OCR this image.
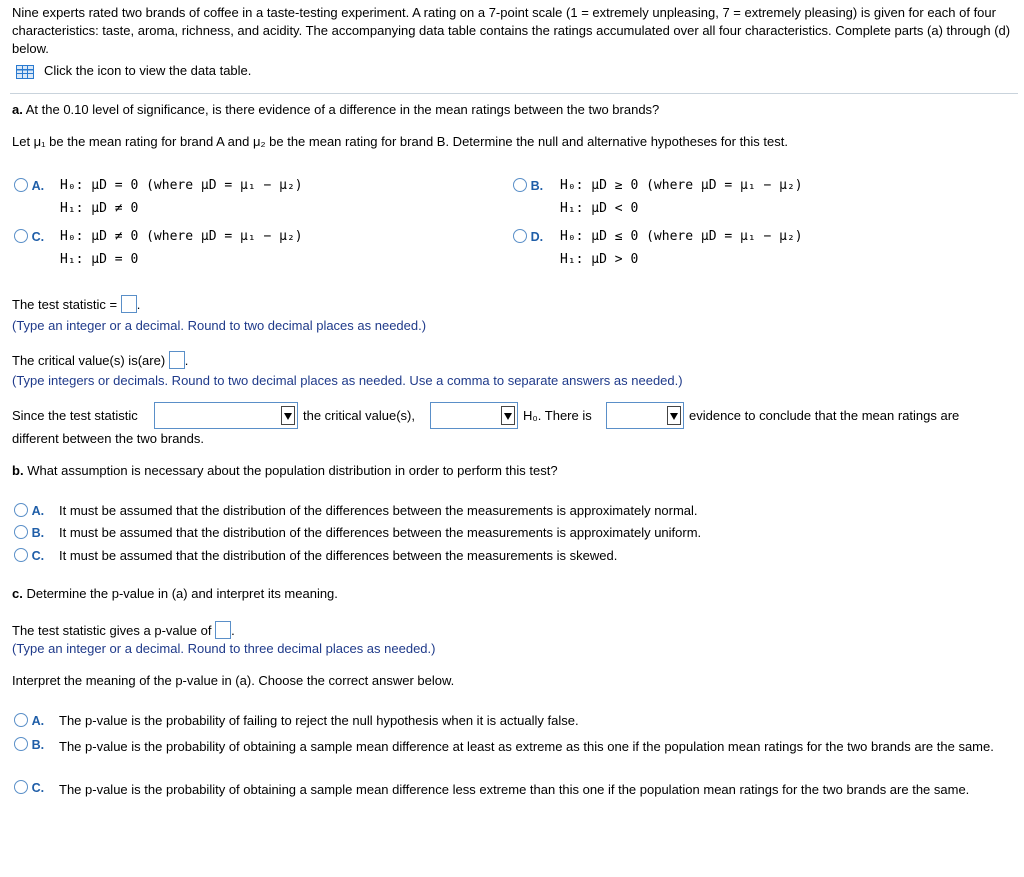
Nine experts rated two brands of coffee in a taste-testing experiment. A rating on a 7-point scale (1 = extremely unpleasing, 7 = extremely pleasing) is given for each of four characteristics: taste, aroma, richness, and acidity. The accompanying data table contains the ratings accumulated over all four characteristics. Complete parts (a) through (d) below.
Click the icon to view the data table.
a. At the 0.10 level of significance, is there evidence of a difference in the mean ratings between the two brands?
Let μ₁ be the mean rating for brand A and μ₂ be the mean rating for brand B. Determine the null and alternative hypotheses for this test.
A. H₀: μD = 0 (where μD = μ₁ − μ₂)
H₁: μD ≠ 0
B. H₀: μD ≥ 0 (where μD = μ₁ − μ₂)
H₁: μD < 0
C. H₀: μD ≠ 0 (where μD = μ₁ − μ₂)
H₁: μD = 0
D. H₀: μD ≤ 0 (where μD = μ₁ − μ₂)
H₁: μD > 0
The test statistic = .
(Type an integer or a decimal. Round to two decimal places as needed.)
The critical value(s) is(are) .
(Type integers or decimals. Round to two decimal places as needed. Use a comma to separate answers as needed.)
Since the test statistic	the critical value(s),	H₀. There is	evidence to conclude that the mean ratings are
different between the two brands.
b. What assumption is necessary about the population distribution in order to perform this test?
A. It must be assumed that the distribution of the differences between the measurements is approximately normal.
B. It must be assumed that the distribution of the differences between the measurements is approximately uniform.
C. It must be assumed that the distribution of the differences between the measurements is skewed.
c. Determine the p-value in (a) and interpret its meaning.
The test statistic gives a p-value of .
(Type an integer or a decimal. Round to three decimal places as needed.)
Interpret the meaning of the p-value in (a). Choose the correct answer below.
A. The p-value is the probability of failing to reject the null hypothesis when it is actually false.
B. The p-value is the probability of obtaining a sample mean difference at least as extreme as this one if the population mean ratings for the two brands are the same.
C. The p-value is the probability of obtaining a sample mean difference less extreme than this one if the population mean ratings for the two brands are the same.
